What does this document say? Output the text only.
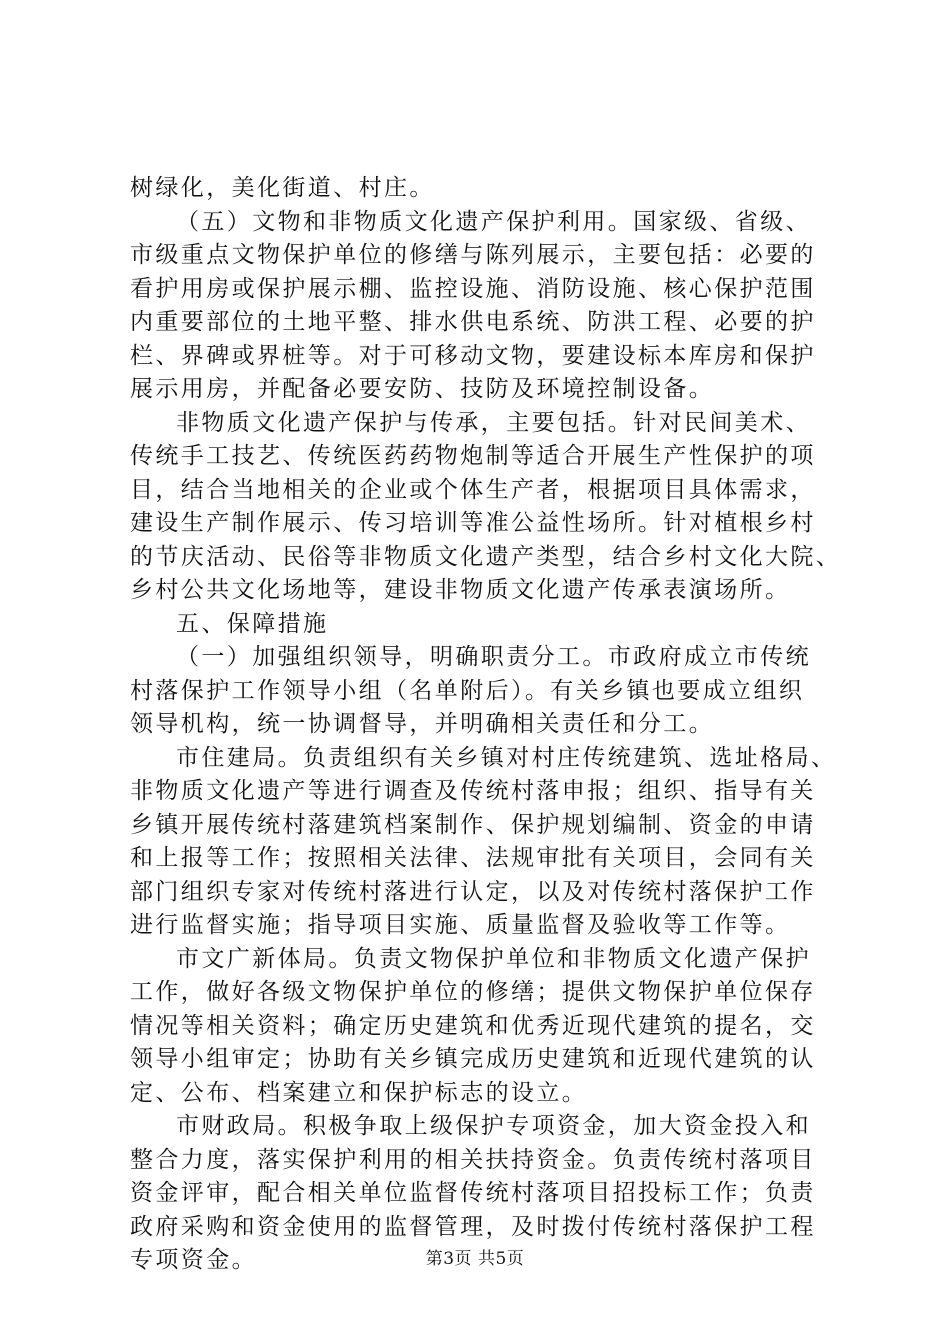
树绿化，美化街道、村庄。
（五）文物和非物质文化遗产保护利用。国家级、省级、
市级重点文物保护单位的修缮与陈列展示，主要包括：必要的
看护用房或保护展示棚、监控设施、消防设施、核心保护范围
内重要部位的土地平整、排水供电系统、防洪工程、必要的护
栏、界碑或界桩等。对于可移动文物，要建设标本库房和保护
展示用房，并配备必要安防、技防及环境控制设备。
非物质文化遗产保护与传承，主要包括。针对民间美术、
传统手工技艺、传统医药药物炮制等适合开展生产性保护的项
目，结合当地相关的企业或个体生产者，根据项目具体需求，
建设生产制作展示、传习培训等准公益性场所。针对植根乡村
的节庆活动、民俗等非物质文化遗产类型，结合乡村文化大院、
乡村公共文化场地等，建设非物质文化遗产传承表演场所。
五、保障措施
（一）加强组织领导，明确职责分工。市政府成立市传统
村落保护工作领导小组（名单附后）。有关乡镇也要成立组织
领导机构，统一协调督导，并明确相关责任和分工。
市住建局。负责组织有关乡镇对村庄传统建筑、选址格局、
非物质文化遗产等进行调查及传统村落申报；组织、指导有关
乡镇开展传统村落建筑档案制作、保护规划编制、资金的申请
和上报等工作；按照相关法律、法规审批有关项目，会同有关
部门组织专家对传统村落进行认定，以及对传统村落保护工作
进行监督实施；指导项目实施、质量监督及验收等工作等。
市文广新体局。负责文物保护单位和非物质文化遗产保护
工作，做好各级文物保护单位的修缮；提供文物保护单位保存
情况等相关资料；确定历史建筑和优秀近现代建筑的提名，交
领导小组审定；协助有关乡镇完成历史建筑和近现代建筑的认
定、公布、档案建立和保护标志的设立。
市财政局。积极争取上级保护专项资金，加大资金投入和
整合力度，落实保护利用的相关扶持资金。负责传统村落项目
资金评审，配合相关单位监督传统村落项目招投标工作；负责
政府采购和资金使用的监督管理，及时拨付传统村落保护工程
专项资金。	第3页 共5页
